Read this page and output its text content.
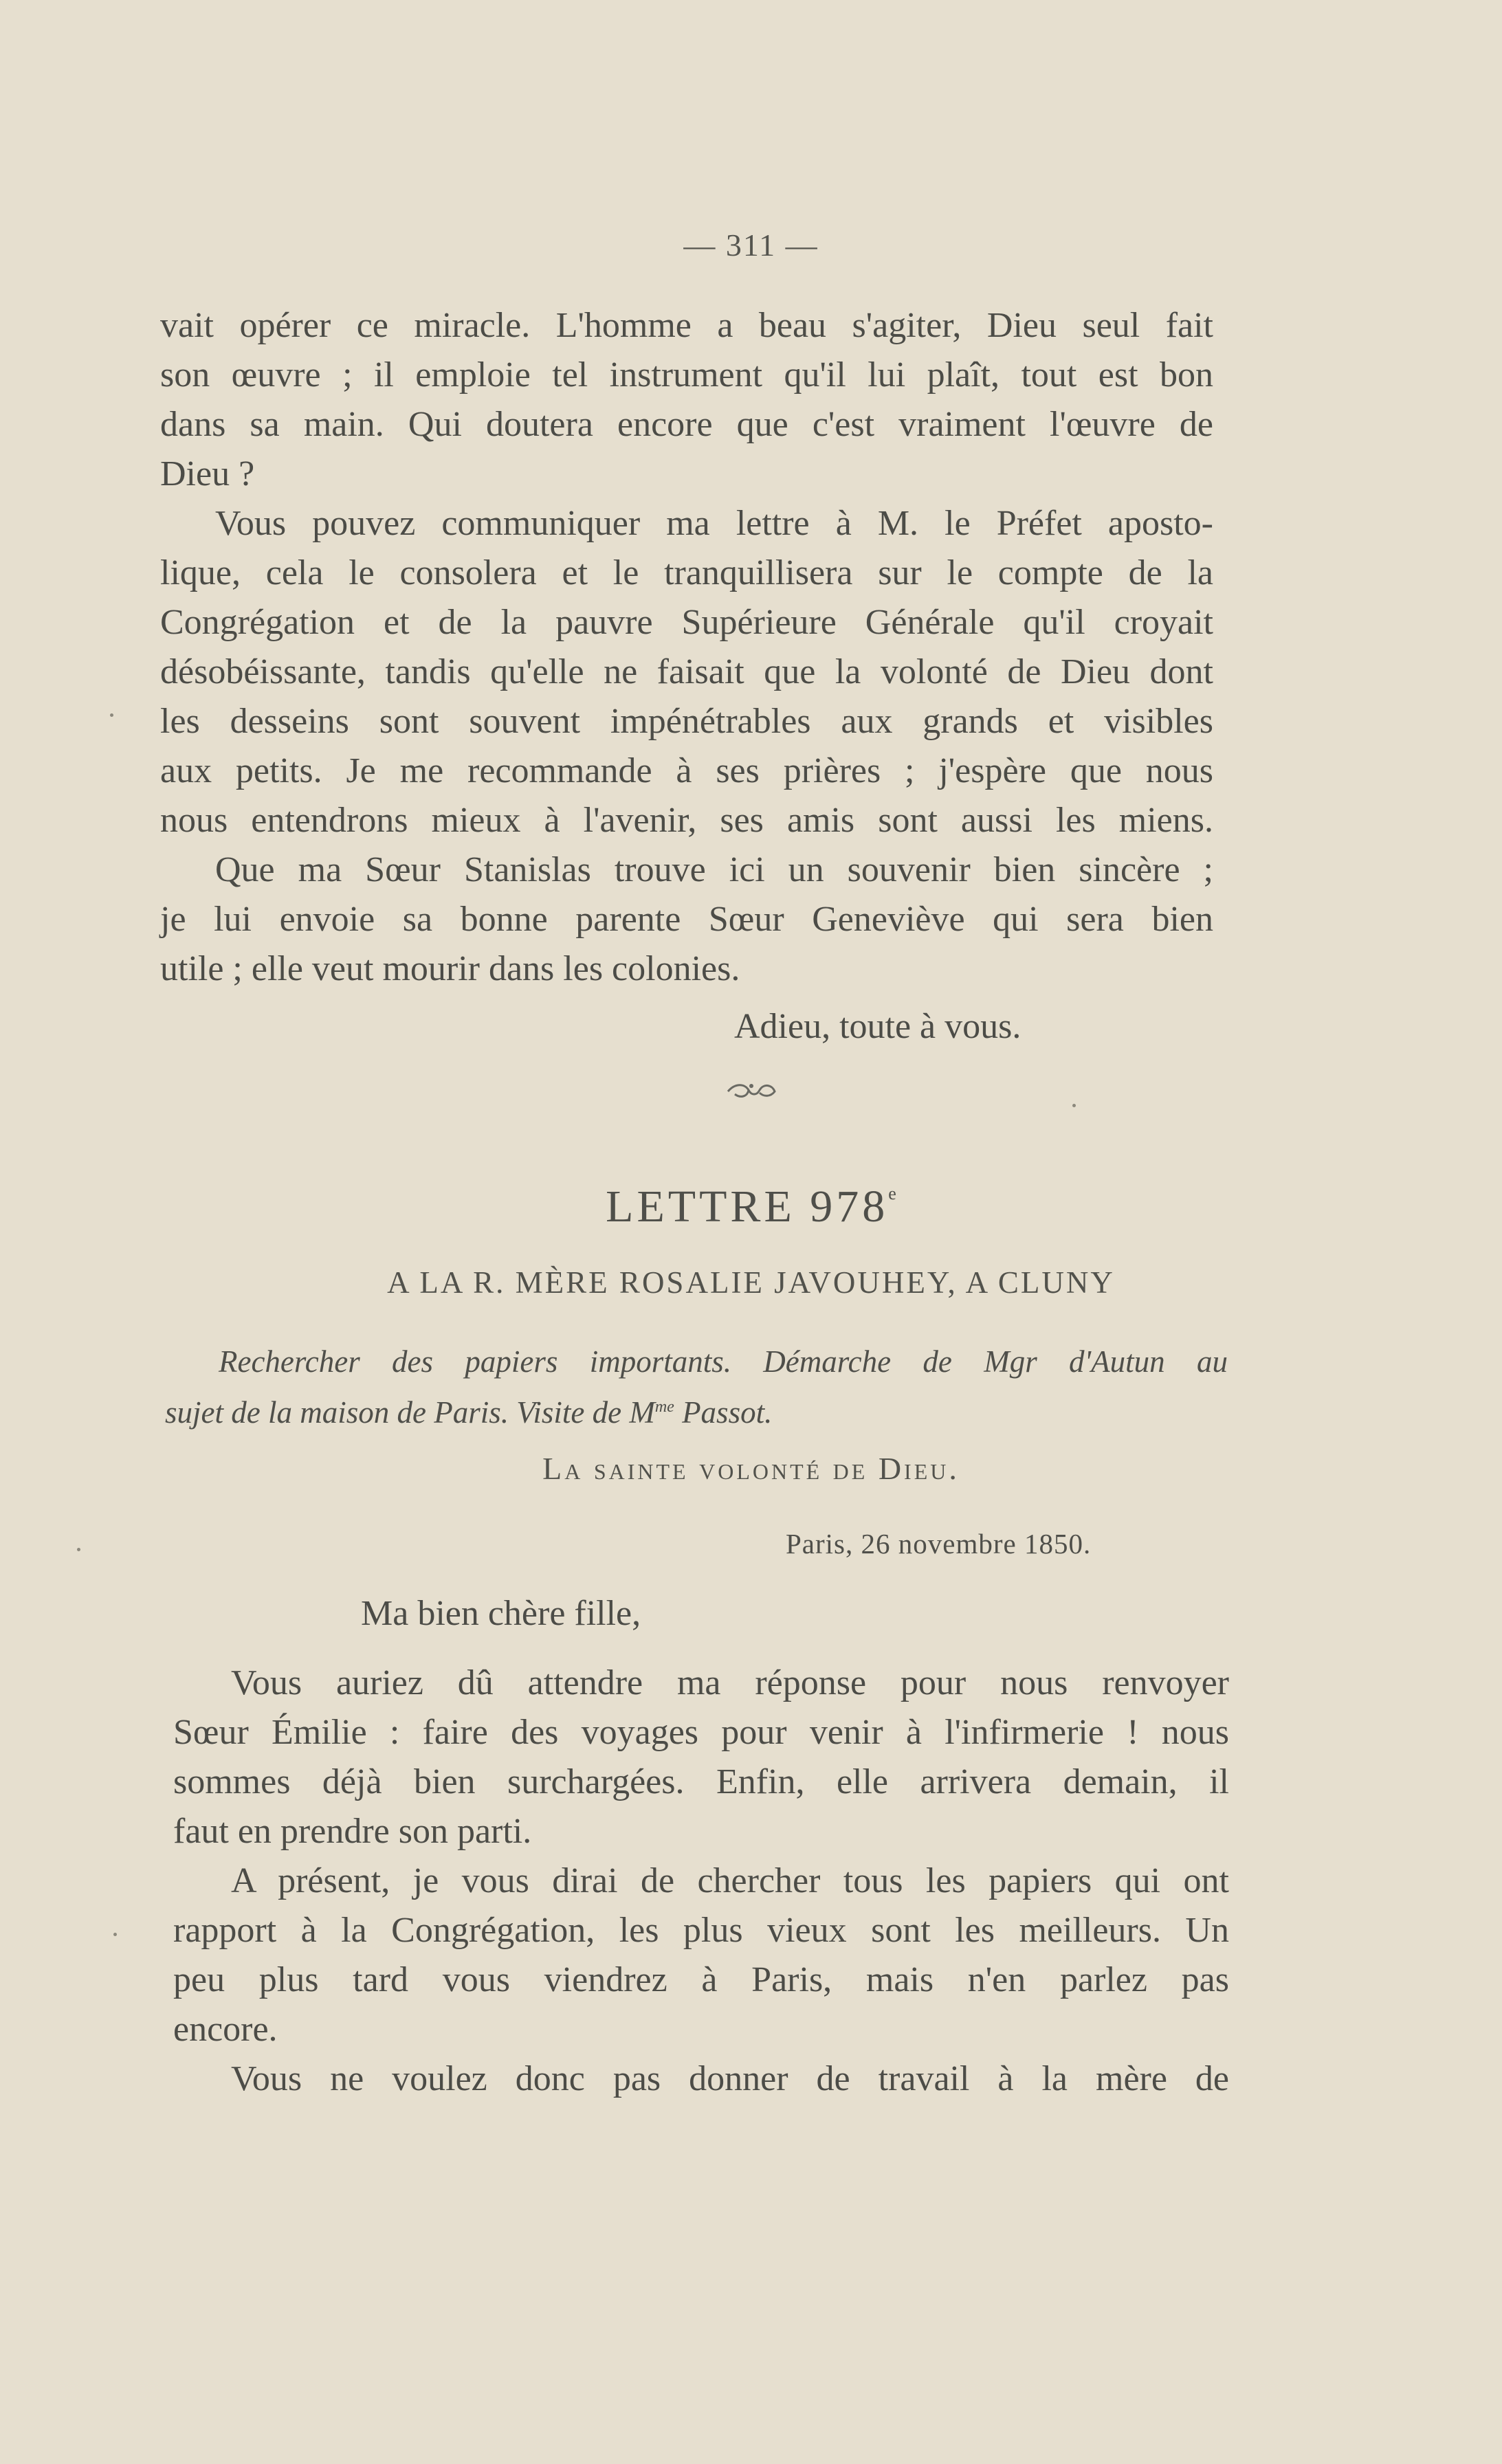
— 311 —
vait opérer ce miracle. L'homme a beau s'agiter, Dieu seul fait
son œuvre ; il emploie tel instrument qu'il lui plaît, tout est bon
dans sa main. Qui doutera encore que c'est vraiment l'œuvre de
Dieu ?
Vous pouvez communiquer ma lettre à M. le Préfet aposto-
lique, cela le consolera et le tranquillisera sur le compte de la
Congrégation et de la pauvre Supérieure Générale qu'il croyait
désobéissante, tandis qu'elle ne faisait que la volonté de Dieu dont
les desseins sont souvent impénétrables aux grands et visibles
aux petits. Je me recommande à ses prières ; j'espère que nous
nous entendrons mieux à l'avenir, ses amis sont aussi les miens.
Que ma Sœur Stanislas trouve ici un souvenir bien sincère ;
je lui envoie sa bonne parente Sœur Geneviève qui sera bien
utile ; elle veut mourir dans les colonies.
Adieu, toute à vous.
LETTRE 978e
A LA R. MÈRE ROSALIE JAVOUHEY, A CLUNY
Rechercher des papiers importants. Démarche de Mgr d'Autun au
sujet de la maison de Paris. Visite de $M^{me}$ Passot.
La sainte volonté de Dieu.
Paris, 26 novembre 1850.
Ma bien chère fille,
Vous auriez dû attendre ma réponse pour nous renvoyer
Sœur Émilie : faire des voyages pour venir à l'infirmerie ! nous
sommes déjà bien surchargées. Enfin, elle arrivera demain, il
faut en prendre son parti.
A présent, je vous dirai de chercher tous les papiers qui ont
rapport à la Congrégation, les plus vieux sont les meilleurs. Un
peu plus tard vous viendrez à Paris, mais n'en parlez pas
encore.
Vous ne voulez donc pas donner de travail à la mère de
